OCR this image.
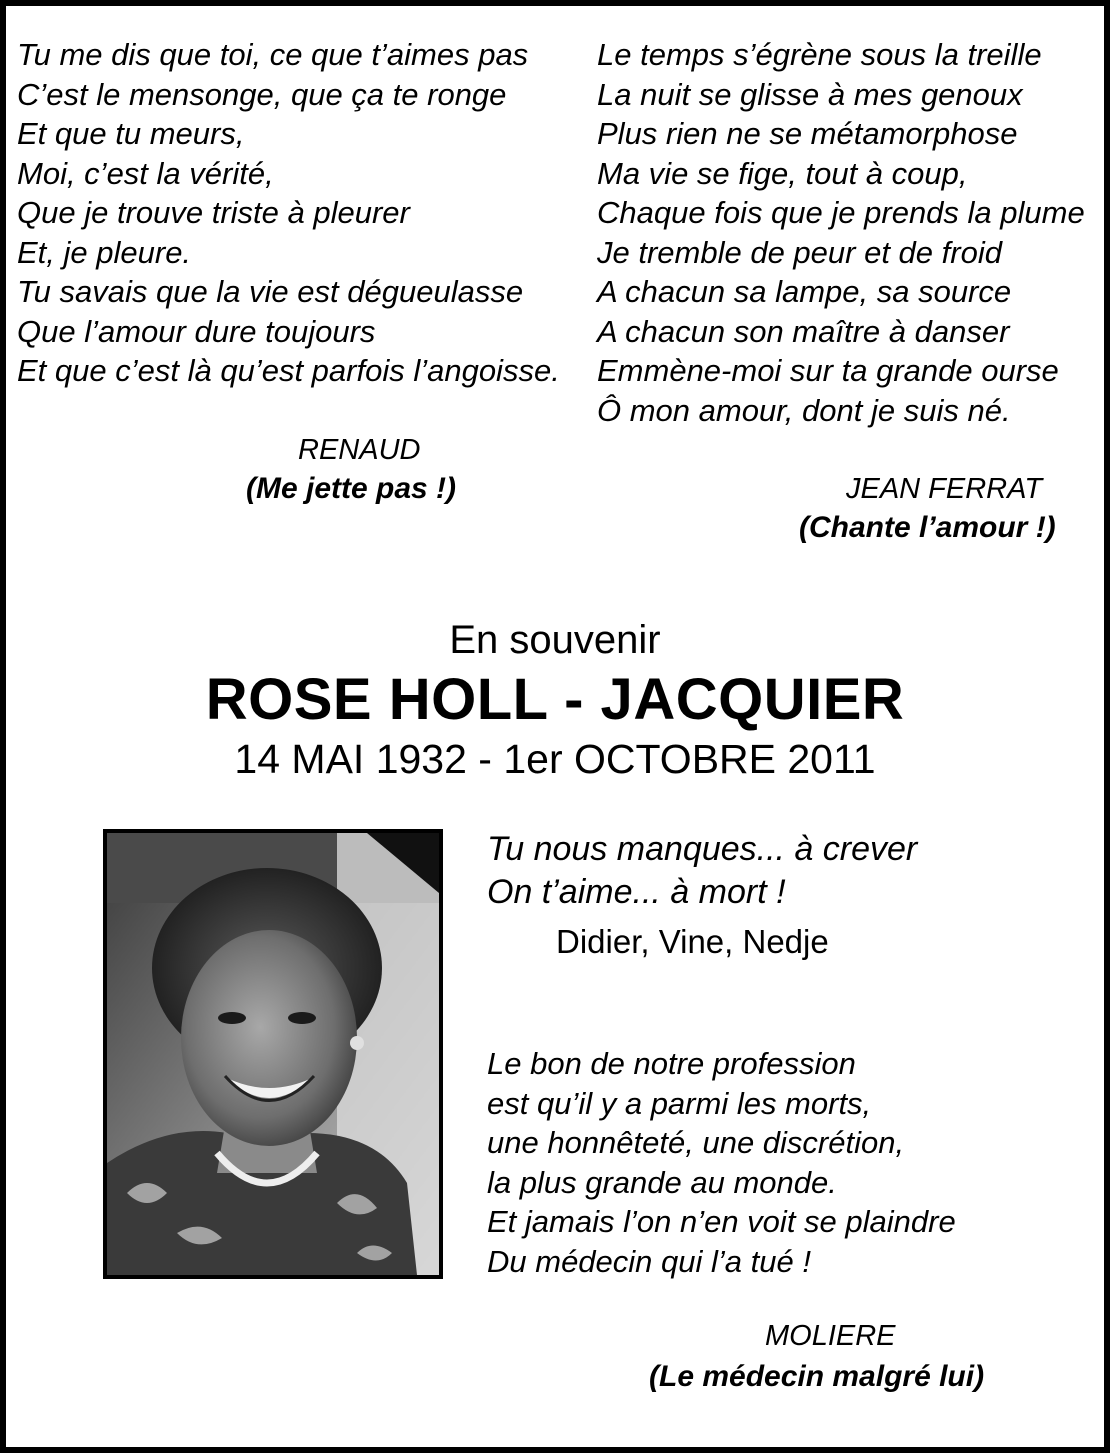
Tu me dis que toi, ce que t’aimes pas
C’est le mensonge, que ça te ronge
Et que tu meurs,
Moi, c’est la vérité,
Que je trouve triste à pleurer
Et, je pleure.
Tu savais que la vie est dégueulasse
Que l’amour dure toujours
Et que c’est là qu’est parfois l’angoisse.
RENAUD
(Me jette pas !)
Le temps s’égrène sous la treille
La nuit se glisse à mes genoux
Plus rien ne se métamorphose
Ma vie se fige, tout à coup,
Chaque fois que je prends la plume
Je tremble de peur et de froid
A chacun sa lampe, sa source
A chacun son maître à danser
Emmène-moi sur ta grande ourse
Ô mon amour, dont je suis né.
JEAN FERRAT
(Chante l’amour !)
En souvenir
ROSE HOLL - JACQUIER
14 MAI 1932 - 1er OCTOBRE 2011
Tu nous manques... à crever
On t’aime... à mort !
Didier, Vine, Nedje
Le bon de notre profession
est qu’il y a parmi les morts,
une honnêteté, une discrétion,
la plus grande au monde.
Et jamais l’on n’en voit se plaindre
Du médecin qui l’a tué !
MOLIERE
(Le médecin malgré lui)
